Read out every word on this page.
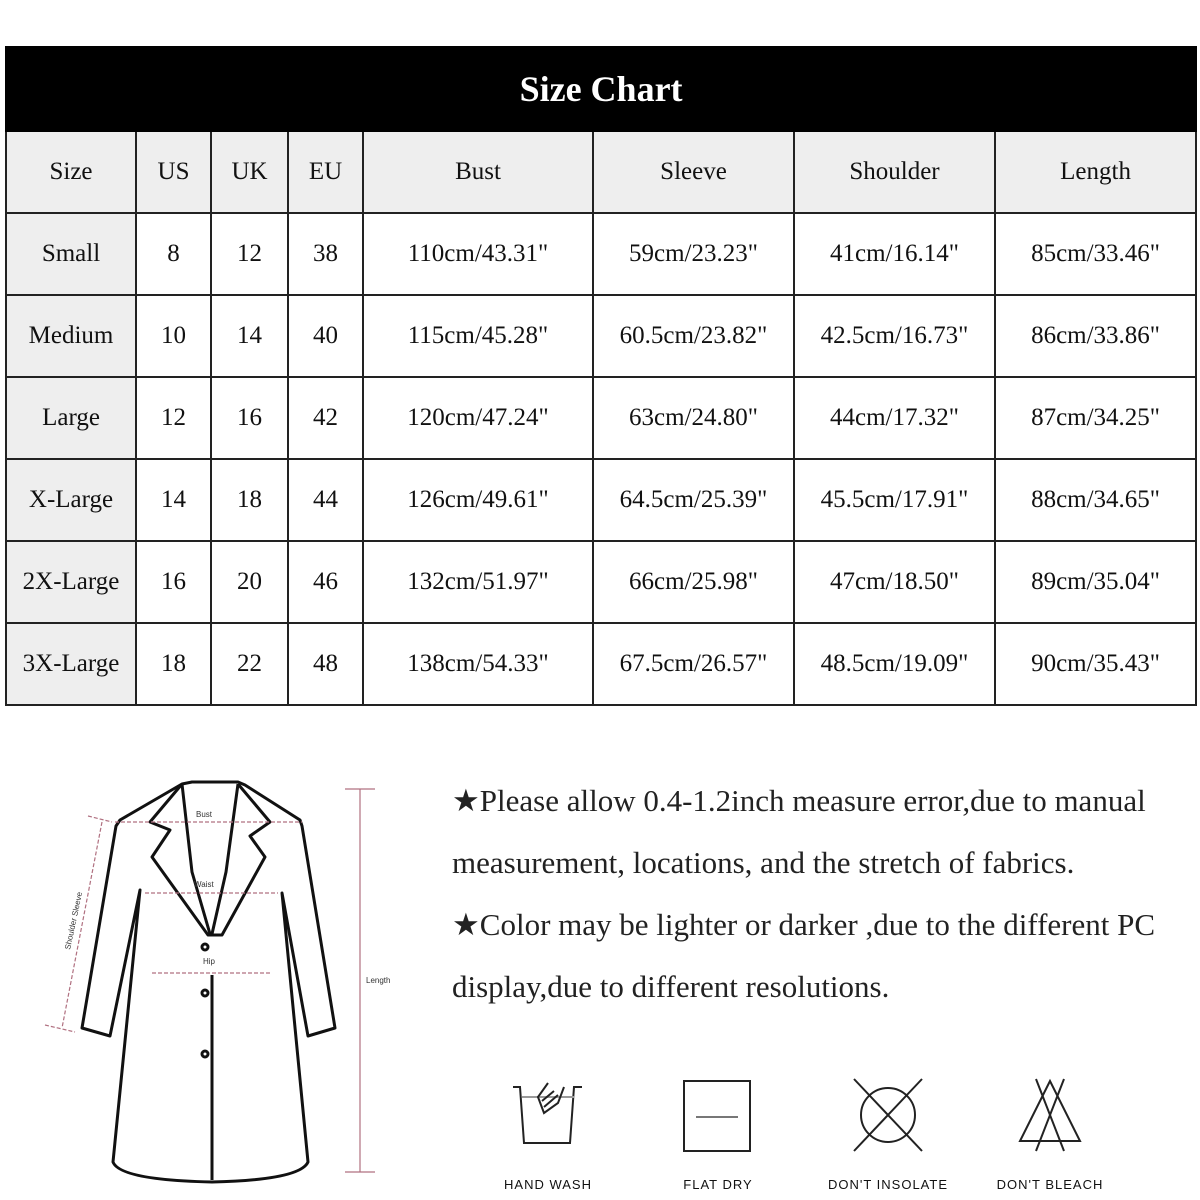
Size Chart							
Size	US	UK	EU	Bust	Sleeve	Shoulder	Length
Small	8	12	38	110cm/43.31"	59cm/23.23"	41cm/16.14"	85cm/33.46"
Medium	10	14	40	115cm/45.28"	60.5cm/23.82"	42.5cm/16.73"	86cm/33.86"
Large	12	16	42	120cm/47.24"	63cm/24.80"	44cm/17.32"	87cm/34.25"
X-Large	14	18	44	126cm/49.61"	64.5cm/25.39"	45.5cm/17.91"	88cm/34.65"
2X-Large	16	20	46	132cm/51.97"	66cm/25.98"	47cm/18.50"	89cm/35.04"
3X-Large	18	22	48	138cm/54.33"	67.5cm/26.57"	48.5cm/19.09"	90cm/35.43"
Bust
Waist
Hip
Length
Shoulder Sleeve
★Please allow 0.4-1.2inch measure error,due to manual measurement, locations, and the stretch of fabrics.
★Color may be lighter or darker ,due to the different PC display,due to different resolutions.
HAND WASH	FLAT DRY	DON'T INSOLATE	DON'T BLEACH
